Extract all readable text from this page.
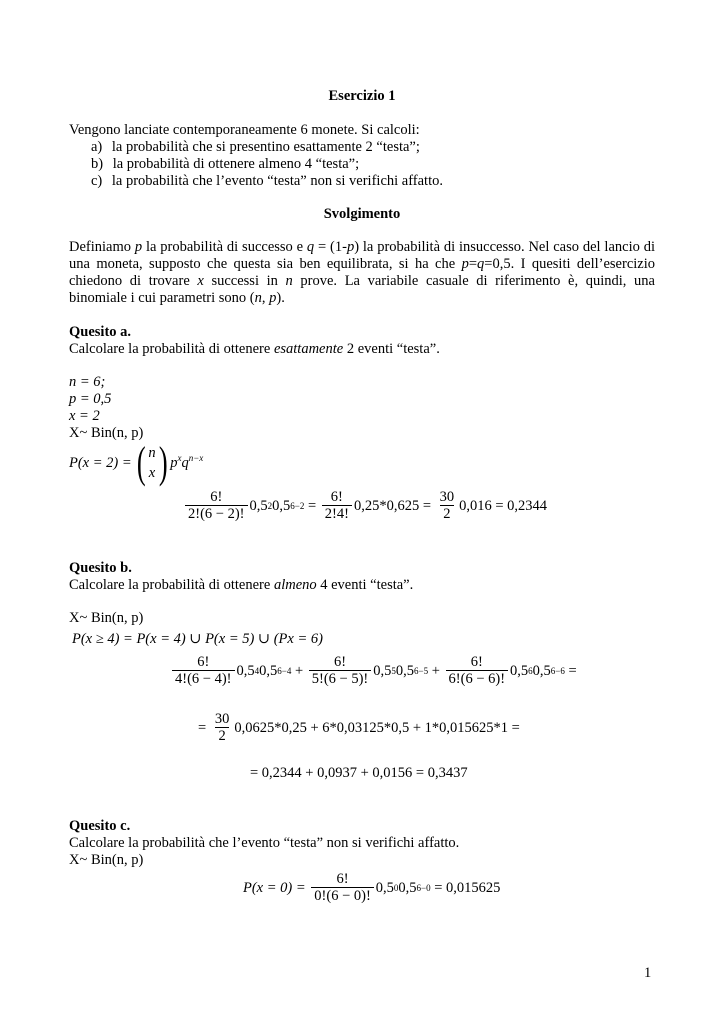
Esercizio 1
Vengono lanciate contemporaneamente 6 monete. Si calcoli:
a) la probabilità che si presentino esattamente 2 “testa”;
b) la probabilità di ottenere almeno 4 “testa”;
c) la probabilità che l’evento “testa” non si verifichi affatto.
Svolgimento
Definiamo p la probabilità di successo e q = (1-p) la probabilità di insuccesso. Nel caso del lancio di una moneta, supposto che questa sia ben equilibrata, si ha che p=q=0,5. I quesiti dell’esercizio chiedono di trovare x successi in n prove. La variabile casuale di riferimento è, quindi, una binomiale i cui parametri sono (n, p).
Quesito a.
Calcolare la probabilità di ottenere esattamente 2 eventi “testa”.
n = 6;
p = 0,5
x = 2
X~ Bin(n, p)
P(x = 2) = ( n
x ) $p^xq^{n-x}$
$\frac{6!}{2!(6 - 2)!} 0,5$ 2 0,5 $6-2 = \frac{6!}{2!4!} 0,25*0,625 = \frac{30}{2} 0,016 = 0,2344$
Quesito b.
Calcolare la probabilità di ottenere almeno 4 eventi “testa”.
X~ Bin(n, p)
P(x ≥ 4) = P(x = 4) ∪ P(x = 5) ∪ (Px = 6)
$\frac{6!}{4!(6 - 4)!} 0,5$ 4 0,5 $6-4 + \frac{6!}{5!(6 - 5)!} 0,5$ 5 0,5 $6-5 + \frac{6!}{6!(6 - 6)!} 0,5$ 6 0,5 6−6 =
= $\frac{30}{2} 0,0625*0,25 + 6*0,03125*0,5 + 1*0,015625*1$ =
= 0,2344 + 0,0937 + 0,0156 = 0,3437
Quesito c.
Calcolare la probabilità che l’evento “testa” non si verifichi affatto.
X~ Bin(n, p)
$P(x = 0) = \frac{6!}{0!(6 - 0)!} 0,5$ 0 0,5 6−0 = 0,015625
1
